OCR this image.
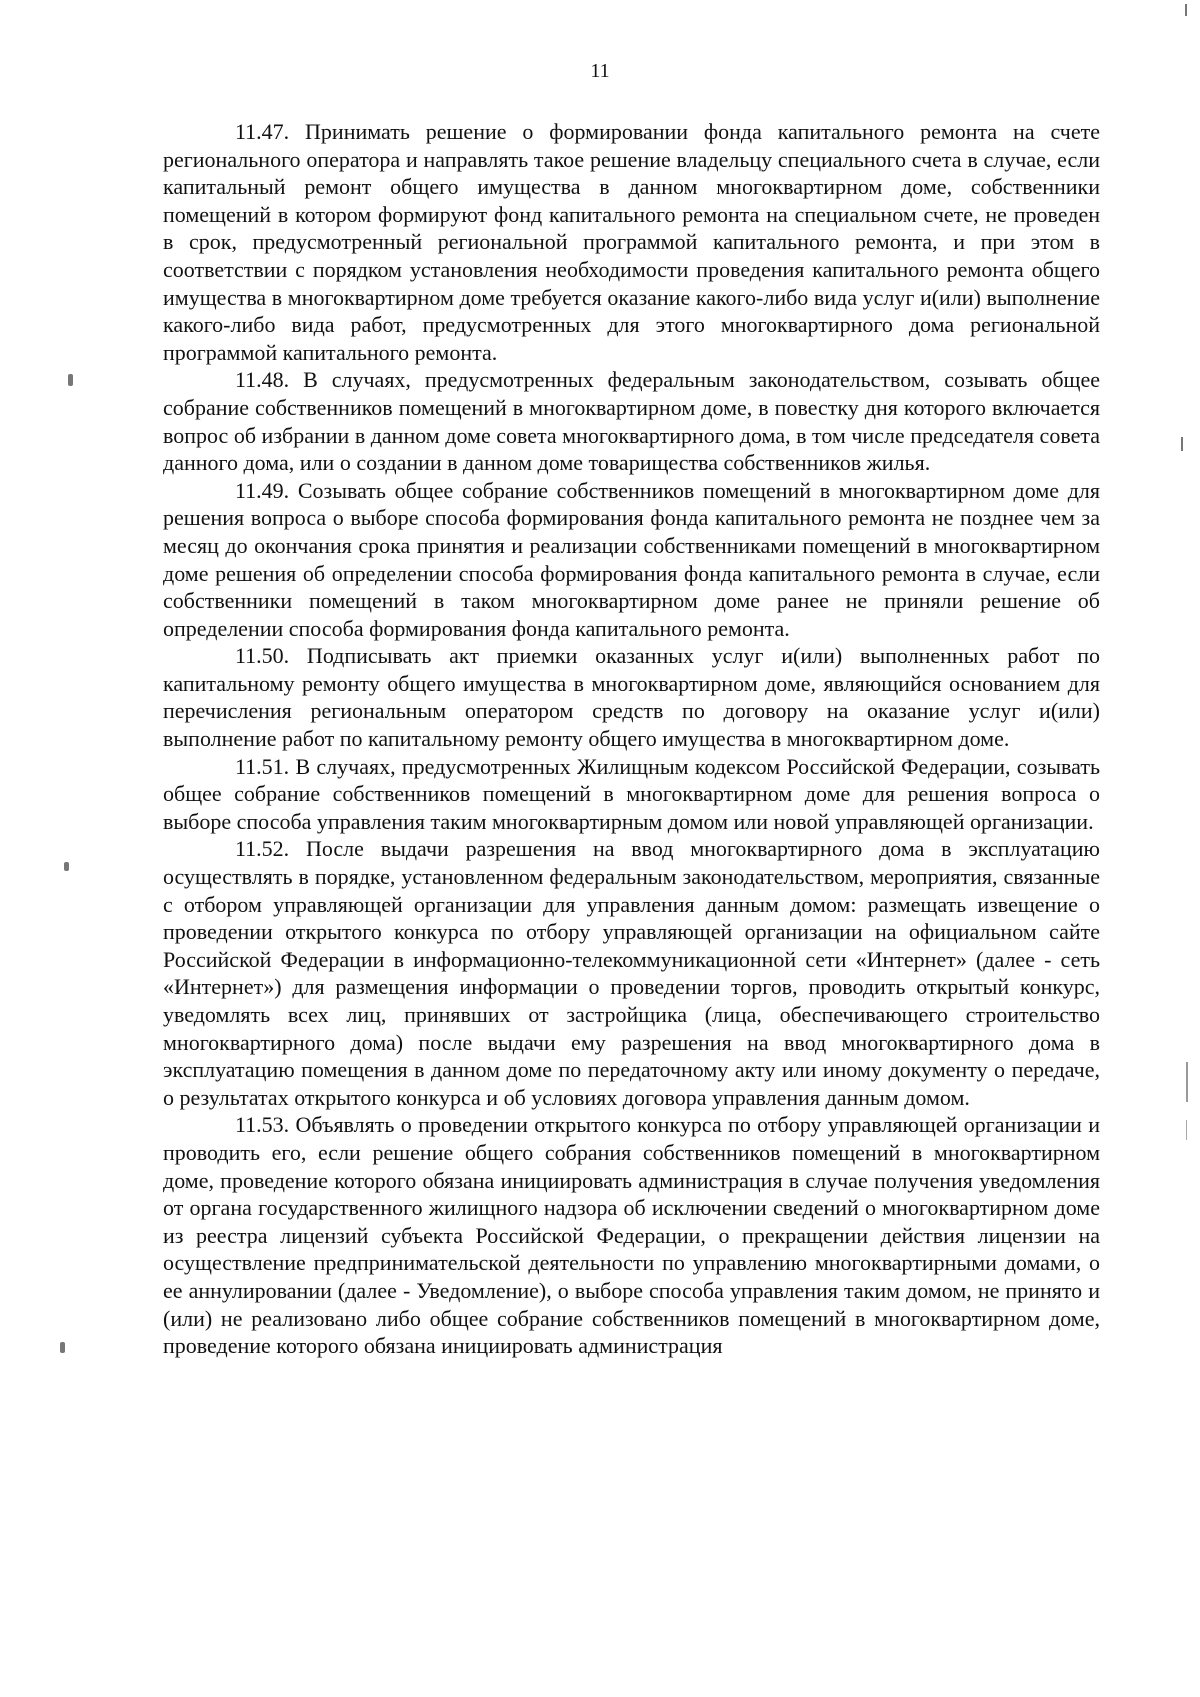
11

11.47. Принимать решение о формировании фонда капитального ремонта на счете регионального оператора и направлять такое решение владельцу специального счета в случае, если капитальный ремонт общего имущества в данном многоквартирном доме, собственники помещений в котором формируют фонд капитального ремонта на специальном счете, не проведен в срок, предусмотренный региональной программой капитального ремонта, и при этом в соответствии с порядком установления необходимости проведения капитального ремонта общего имущества в многоквартирном доме требуется оказание какого-либо вида услуг и(или) выполнение какого-либо вида работ, предусмотренных для этого многоквартирного дома региональной программой капитального ремонта.

11.48. В случаях, предусмотренных федеральным законодательством, созывать общее собрание собственников помещений в многоквартирном доме, в повестку дня которого включается вопрос об избрании в данном доме совета многоквартирного дома, в том числе председателя совета данного дома, или о создании в данном доме товарищества собственников жилья.

11.49. Созывать общее собрание собственников помещений в многоквартирном доме для решения вопроса о выборе способа формирования фонда капитального ремонта не позднее чем за месяц до окончания срока принятия и реализации собственниками помещений в многоквартирном доме решения об определении способа формирования фонда капитального ремонта в случае, если собственники помещений в таком многоквартирном доме ранее не приняли решение об определении способа формирования фонда капитального ремонта.

11.50. Подписывать акт приемки оказанных услуг и(или) выполненных работ по капитальному ремонту общего имущества в многоквартирном доме, являющийся основанием для перечисления региональным оператором средств по договору на оказание услуг и(или) выполнение работ по капитальному ремонту общего имущества в многоквартирном доме.

11.51. В случаях, предусмотренных Жилищным кодексом Российской Федерации, созывать общее собрание собственников помещений в многоквартирном доме для решения вопроса о выборе способа управления таким многоквартирным домом или новой управляющей организации.

11.52. После выдачи разрешения на ввод многоквартирного дома в эксплуатацию осуществлять в порядке, установленном федеральным законодательством, мероприятия, связанные с отбором управляющей организации для управления данным домом: размещать извещение о проведении открытого конкурса по отбору управляющей организации на официальном сайте Российской Федерации в информационно-телекоммуникационной сети «Интернет» (далее - сеть «Интернет») для размещения информации о проведении торгов, проводить открытый конкурс, уведомлять всех лиц, принявших от застройщика (лица, обеспечивающего строительство многоквартирного дома) после выдачи ему разрешения на ввод многоквартирного дома в эксплуатацию помещения в данном доме по передаточному акту или иному документу о передаче, о результатах открытого конкурса и об условиях договора управления данным домом.

11.53. Объявлять о проведении открытого конкурса по отбору управляющей организации и проводить его, если решение общего собрания собственников помещений в многоквартирном доме, проведение которого обязана инициировать администрация в случае получения уведомления от органа государственного жилищного надзора об исключении сведений о многоквартирном доме из реестра лицензий субъекта Российской Федерации, о прекращении действия лицензии на осуществление предпринимательской деятельности по управлению многоквартирными домами, о ее аннулировании (далее - Уведомление), о выборе способа управления таким домом, не принято и (или) не реализовано либо общее собрание собственников помещений в многоквартирном доме, проведение которого обязана инициировать администрация
